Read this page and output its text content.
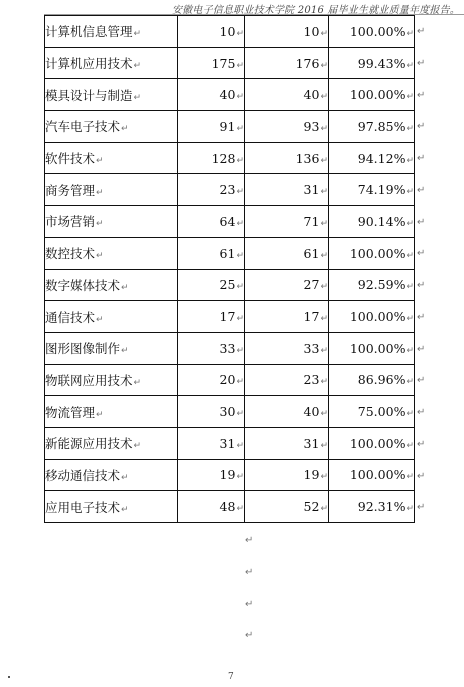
安徽电子信息职业技术学院 2016 届毕业生就业质量年度报告。
计算机信息管理↵	10↵	10↵	100.00%↵
计算机应用技术↵	175↵	176↵	99.43%↵
模具设计与制造↵	40↵	40↵	100.00%↵
汽车电子技术↵	91↵	93↵	97.85%↵
软件技术↵	128↵	136↵	94.12%↵
商务管理↵	23↵	31↵	74.19%↵
市场营销↵	64↵	71↵	90.14%↵
数控技术↵	61↵	61↵	100.00%↵
数字媒体技术↵	25↵	27↵	92.59%↵
通信技术↵	17↵	17↵	100.00%↵
图形图像制作↵	33↵	33↵	100.00%↵
物联网应用技术↵	20↵	23↵	86.96%↵
物流管理↵	30↵	40↵	75.00%↵
新能源应用技术↵	31↵	31↵	100.00%↵
移动通信技术↵	19↵	19↵	100.00%↵
应用电子技术↵	48↵	52↵	92.31%↵
↵
↵
↵
↵
↵
↵
↵
↵
↵
↵
↵
↵
↵
↵
↵
↵
↵
↵
↵
↵
7
